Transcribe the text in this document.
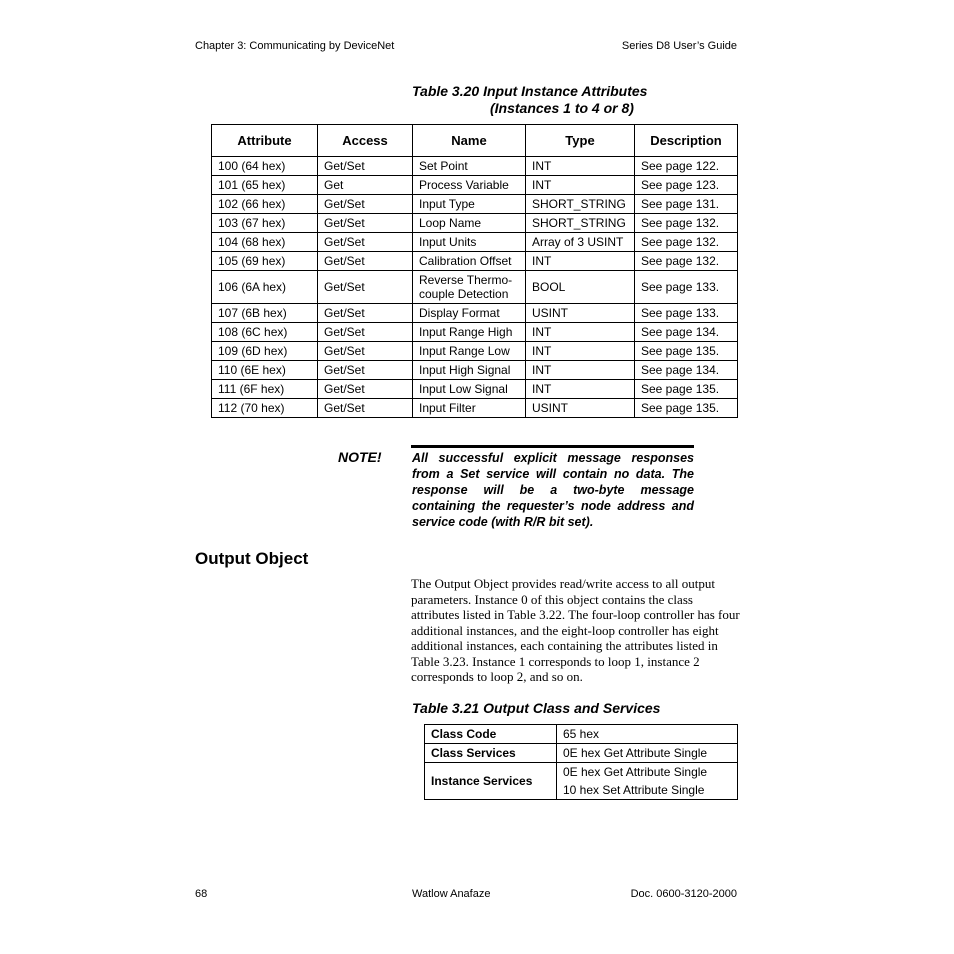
Chapter 3: Communicating by DeviceNet	Series D8 User’s Guide
Table 3.20 Input Instance Attributes
(Instances 1 to 4 or 8)
Attribute	Access	Name	Type	Description
100 (64 hex)	Get/Set	Set Point	INT	See page 122.
101 (65 hex)	Get	Process Variable	INT	See page 123.
102 (66 hex)	Get/Set	Input Type	SHORT_STRING	See page 131.
103 (67 hex)	Get/Set	Loop Name	SHORT_STRING	See page 132.
104 (68 hex)	Get/Set	Input Units	Array of 3 USINT	See page 132.
105 (69 hex)	Get/Set	Calibration Offset	INT	See page 132.
106 (6A hex)	Get/Set	Reverse Thermo-couple Detection	BOOL	See page 133.
107 (6B hex)	Get/Set	Display Format	USINT	See page 133.
108 (6C hex)	Get/Set	Input Range High	INT	See page 134.
109 (6D hex)	Get/Set	Input Range Low	INT	See page 135.
110 (6E hex)	Get/Set	Input High Signal	INT	See page 134.
111 (6F hex)	Get/Set	Input Low Signal	INT	See page 135.
112 (70 hex)	Get/Set	Input Filter	USINT	See page 135.
NOTE! All successful explicit message responses from a Set service will contain no data. The response will be a two-byte message containing the requester’s node address and service code (with R/R bit set).
Output Object
The Output Object provides read/write access to all output parameters. Instance 0 of this object contains the class attributes listed in Table 3.22. The four-loop controller has four additional instances, and the eight-loop controller has eight additional instances, each containing the attributes listed in Table 3.23. Instance 1 corresponds to loop 1, instance 2 corresponds to loop 2, and so on.
Table 3.21 Output Class and Services
Class Code	65 hex
Class Services	0E hex Get Attribute Single
Instance Services	0E hex Get Attribute Single
	10 hex Set Attribute Single
68	Watlow Anafaze	Doc. 0600-3120-2000
